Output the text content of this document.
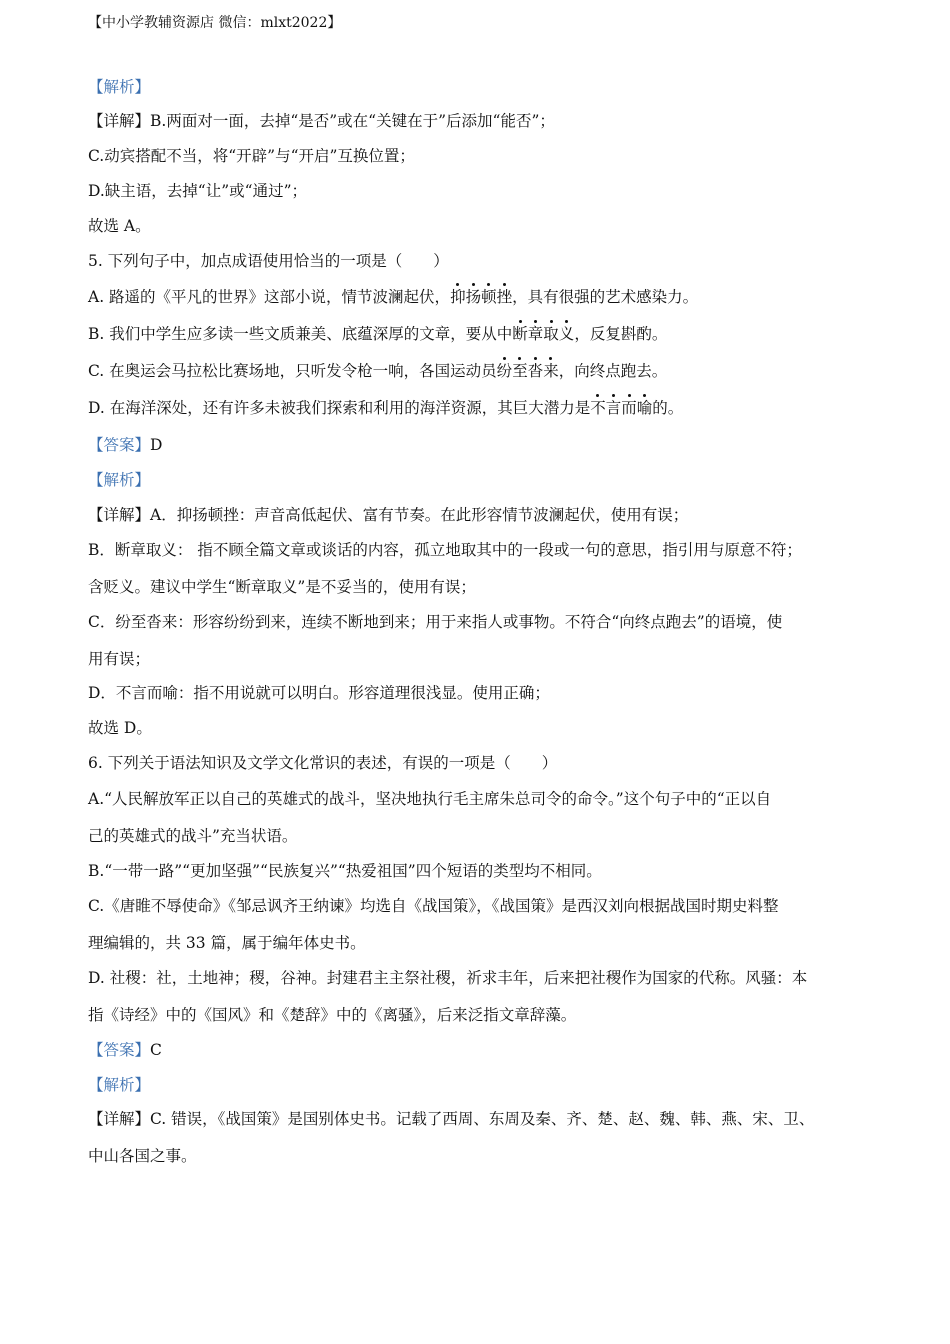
【中小学教辅资源店 微信：mlxt2022】
【解析】
【详解】B.两面对一面，去掉“是否”或在“关键在于”后添加“能否”；
C.动宾搭配不当，将“开辟”与“开启”互换位置；
D.缺主语，去掉“让”或“通过”；
故选 A。
5. 下列句子中，加点成语使用恰当的一项是（　　）
A. 路遥的《平凡的世界》这部小说，情节波澜起伏，抑扬顿挫，具有很强的艺术感染力。
B. 我们中学生应多读一些文质兼美、底蕴深厚的文章，要从中断章取义，反复斟酌。
C. 在奥运会马拉松比赛场地，只听发令枪一响，各国运动员纷至沓来，向终点跑去。
D. 在海洋深处，还有许多未被我们探索和利用的海洋资源，其巨大潜力是不言而喻的。
【答案】D
【解析】
【详解】A．抑扬顿挫：声音高低起伏、富有节奏。在此形容情节波澜起伏，使用有误；
B．断章取义： 指不顾全篇文章或谈话的内容，孤立地取其中的一段或一句的意思，指引用与原意不符；
含贬义。建议中学生“断章取义”是不妥当的，使用有误；
C．纷至沓来：形容纷纷到来，连续不断地到来；用于来指人或事物。不符合“向终点跑去”的语境，使
用有误；
D．不言而喻：指不用说就可以明白。形容道理很浅显。使用正确；
故选 D。
6. 下列关于语法知识及文学文化常识的表述，有误的一项是（　　）
A.“人民解放军正以自己的英雄式的战斗，坚决地执行毛主席朱总司令的命令。”这个句子中的“正以自
己的英雄式的战斗”充当状语。
B.“一带一路”“更加坚强”“民族复兴”“热爱祖国”四个短语的类型均不相同。
C.《唐睢不辱使命》《邹忌讽齐王纳谏》均选自《战国策》，《战国策》是西汉刘向根据战国时期史料整
理编辑的，共 33 篇，属于编年体史书。
D. 社稷：社，土地神；稷，谷神。封建君主主祭社稷，祈求丰年，后来把社稷作为国家的代称。风骚：本
指《诗经》中的《国风》和《楚辞》中的《离骚》，后来泛指文章辞藻。
【答案】C
【解析】
【详解】C. 错误，《战国策》是国别体史书。记载了西周、东周及秦、齐、楚、赵、魏、韩、燕、宋、卫、
中山各国之事。
